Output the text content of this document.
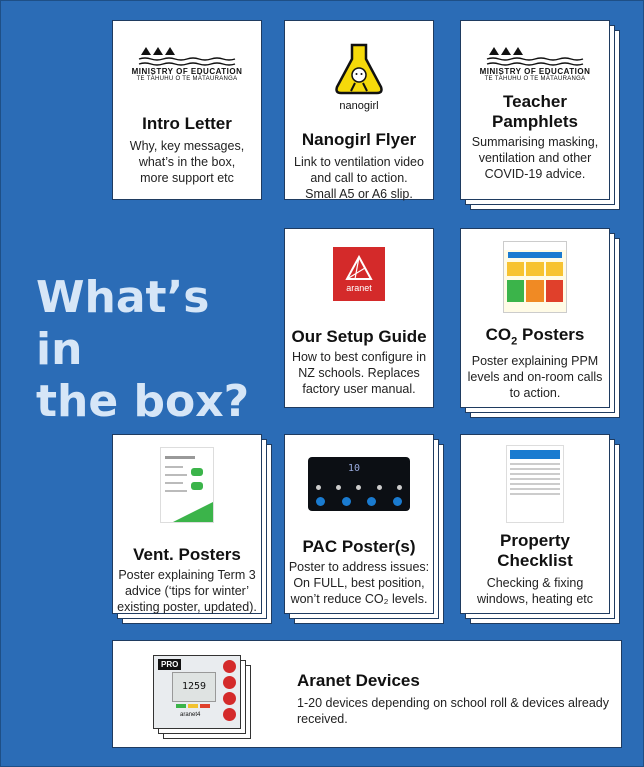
What’s in
the box?
MINISTRY OF EDUCATION
TE TĀHUHU O TE MĀTAURANGA
Intro Letter
Why, key messages,
what’s in the box,
more support etc
nanogirl
Nanogirl Flyer
Link to ventilation video
and call to action.
Small A5 or A6 slip.
MINISTRY OF EDUCATION
TE TĀHUHU O TE MĀTAURANGA
Teacher
Pamphlets
Summarising masking,
ventilation and other
COVID-19 advice.
aranet
Our Setup Guide
How to best configure in
NZ schools. Replaces
factory user manual.
$CO_2$ Posters
Poster explaining PPM
levels and on-room calls
to action.
Vent. Posters
Poster explaining Term 3
advice (‘tips for winter’
existing poster, updated).
10
PAC Poster(s)
Poster to address issues:
On FULL, best position,
won’t reduce CO₂ levels.
Property
Checklist
Checking & fixing
windows, heating etc
PRO
1259
aranet4
Aranet Devices
1-20 devices depending on school roll & devices already
received.
